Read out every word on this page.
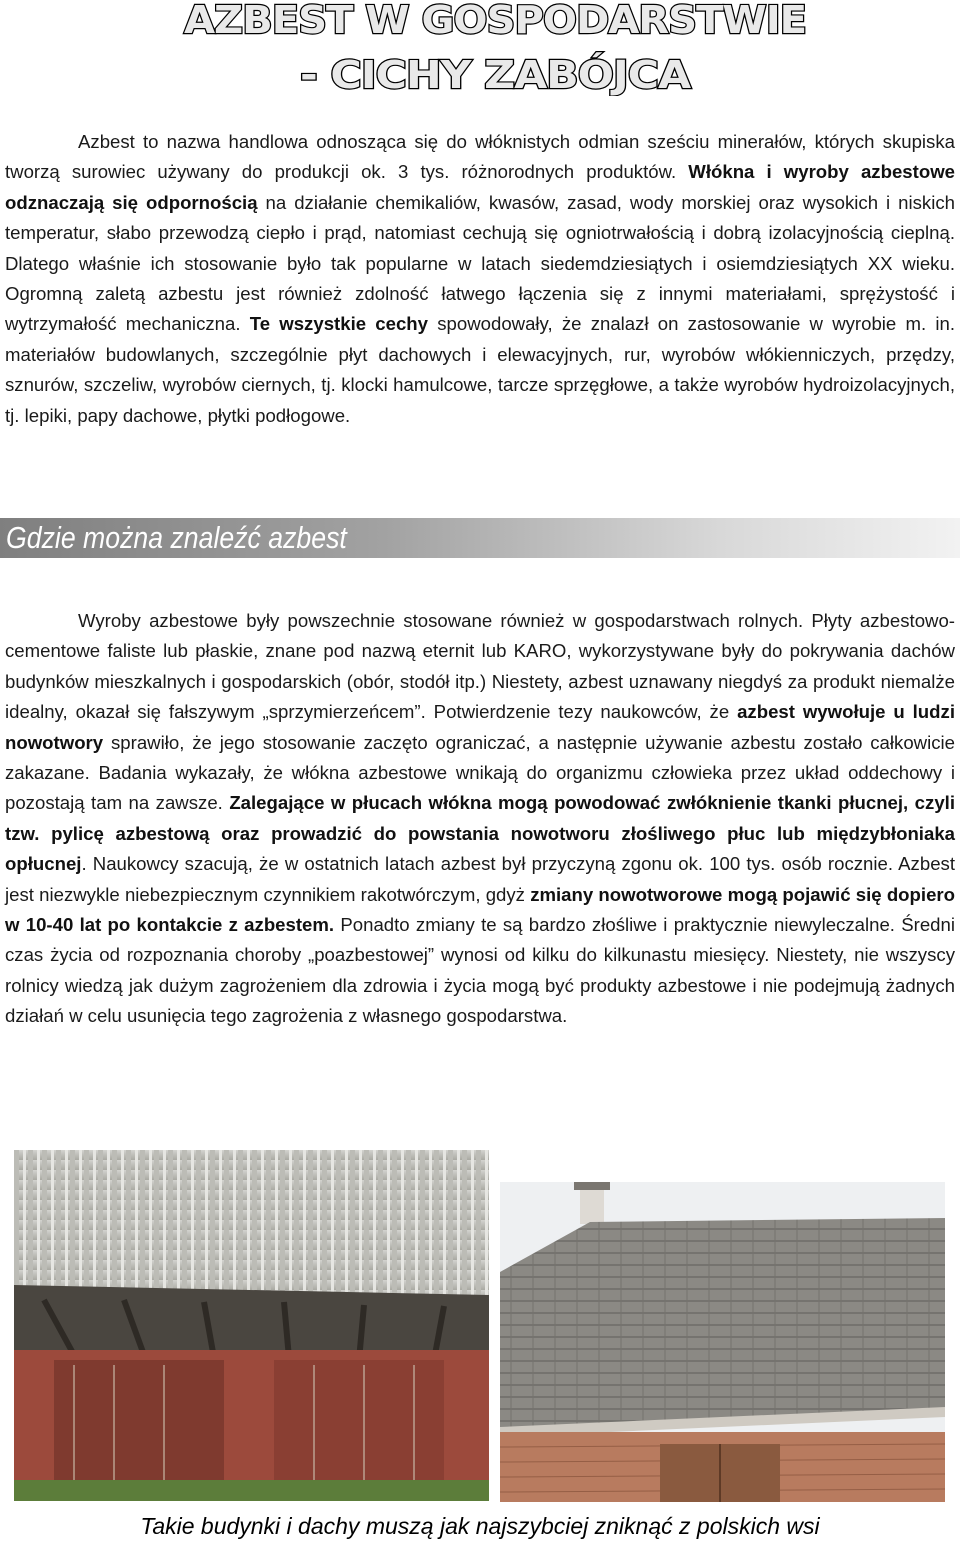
AZBEST W GOSPODARSTWIE
- CICHY ZABÓJCA

Azbest to nazwa handlowa odnosząca się do włóknistych odmian sześciu minerałów, których skupiska tworzą surowiec używany do produkcji ok. 3 tys. różnorodnych produktów. Włókna i wyroby azbestowe odznaczają się odpornością na działanie chemikaliów, kwasów, zasad, wody morskiej oraz wysokich i niskich temperatur, słabo przewodzą ciepło i prąd, natomiast cechują się ogniotrwałością i dobrą izolacyjnością cieplną. Dlatego właśnie ich stosowanie było tak popularne w latach siedemdziesiątych i osiemdziesiątych XX wieku. Ogromną zaletą azbestu jest również zdolność łatwego łączenia się z innymi materiałami, sprężystość i wytrzymałość mechaniczna. Te wszystkie cechy spowodowały, że znalazł on zastosowanie w wyrobie m. in. materiałów budowlanych, szczególnie płyt dachowych i elewacyjnych, rur, wyrobów włókienniczych, przędzy, sznurów, szczeliw, wyrobów ciernych, tj. klocki hamulcowe, tarcze sprzęgłowe, a także wyrobów hydroizolacyjnych, tj. lepiki, papy dachowe, płytki podłogowe.

Gdzie można znaleźć azbest

Wyroby azbestowe były powszechnie stosowane również w gospodarstwach rolnych. Płyty azbestowo-cementowe faliste lub płaskie, znane pod nazwą eternit lub KARO, wykorzystywane były do pokrywania dachów budynków mieszkalnych i gospodarskich (obór, stodół itp.) Niestety, azbest uznawany niegdyś za produkt niemalże idealny, okazał się fałszywym „sprzymierzeńcem”. Potwierdzenie tezy naukowców, że azbest wywołuje u ludzi nowotwory sprawiło, że jego stosowanie zaczęto ograniczać, a następnie używanie azbestu zostało całkowicie zakazane. Badania wykazały, że włókna azbestowe wnikają do organizmu człowieka przez układ oddechowy i pozostają tam na zawsze. Zalegające w płucach włókna mogą powodować zwłóknienie tkanki płucnej, czyli tzw. pylicę azbestową oraz prowadzić do powstania nowotworu złośliwego płuc lub międzybłoniaka opłucnej. Naukowcy szacują, że w ostatnich latach azbest był przyczyną zgonu ok. 100 tys. osób rocznie. Azbest jest niezwykle niebezpiecznym czynnikiem rakotwórczym, gdyż zmiany nowotworowe mogą pojawić się dopiero w 10-40 lat po kontakcie z azbestem. Ponadto zmiany te są bardzo złośliwe i praktycznie niewyleczalne. Średni czas życia od rozpoznania choroby „poazbestowej” wynosi od kilku do kilkunastu miesięcy. Niestety, nie wszyscy rolnicy wiedzą jak dużym zagrożeniem dla zdrowia i życia mogą być produkty azbestowe i nie podejmują żadnych działań w celu usunięcia tego zagrożenia z własnego gospodarstwa.

Takie budynki i dachy muszą jak najszybciej zniknąć z polskich wsi
